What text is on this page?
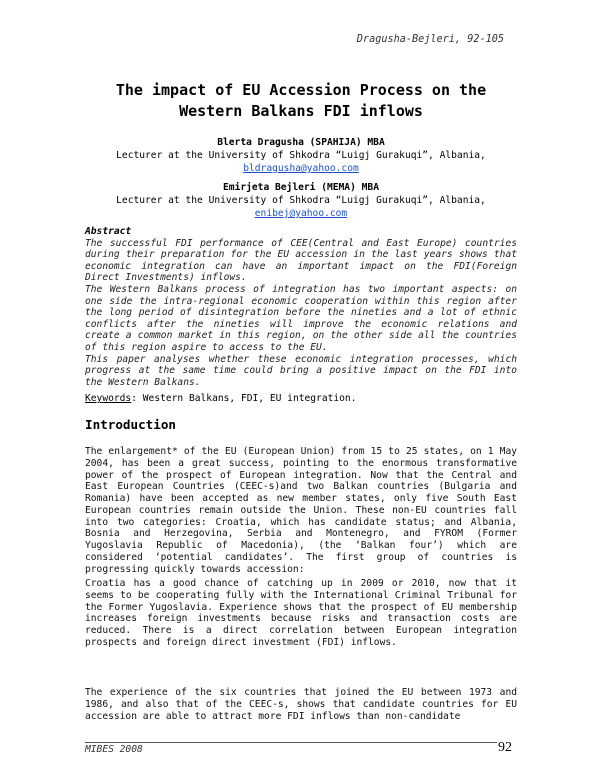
Dragusha-Bejleri, 92-105
The impact of EU Accession Process on the
Western Balkans FDI inflows
Blerta Dragusha (SPAHIJA) MBA
Lecturer at the University of Shkodra “Luigj Gurakuqi”, Albania,
bldragusha@yahoo.com
Emirjeta Bejleri (MEMA) MBA
Lecturer at the University of Shkodra “Luigj Gurakuqi”, Albania,
enibej@yahoo.com
Abstract

The successful FDI performance of CEE(Central and East Europe) countries during their preparation for the EU accession in the last years shows that economic integration can have an important impact on the FDI(Foreign Direct Investments) inflows.

The Western Balkans process of integration has two important aspects: on one side the intra-regional economic cooperation within this region after the long period of disintegration before the nineties and a lot of ethnic conflicts after the nineties will improve the economic relations and create a common market in this region, on the other side all the countries of this region aspire to access to the EU.

This paper analyses whether these economic integration processes, which progress at the same time could bring a positive impact on the FDI into the Western Balkans.

Keywords: Western Balkans, FDI, EU integration.
Introduction

The enlargement* of the EU (European Union) from 15 to 25 states, on 1 May 2004, has been a great success, pointing to the enormous transformative power of the prospect of European integration. Now that the Central and East European Countries (CEEC-s)and two Balkan countries (Bulgaria and Romania) have been accepted as new member states, only five South East European countries remain outside the Union. These non-EU countries fall into two categories: Croatia, which has candidate status; and Albania, Bosnia and Herzegovina, Serbia and Montenegro, and FYROM (Former Yugoslavia Republic of Macedonia), (the ‘Balkan four’) which are considered ‘potential candidates’. The first group of countries is progressing quickly towards accession:

Croatia has a good chance of catching up in 2009 or 2010, now that it seems to be cooperating fully with the International Criminal Tribunal for the Former Yugoslavia. Experience shows that the prospect of EU membership increases foreign investments because risks and transaction costs are reduced. There is a direct correlation between European integration prospects and foreign direct investment (FDI) inflows.

The experience of the six countries that joined the EU between 1973 and 1986, and also that of the CEEC-s, shows that candidate countries for EU accession are able to attract more FDI inflows than non-candidate

MIBES 2008	92
